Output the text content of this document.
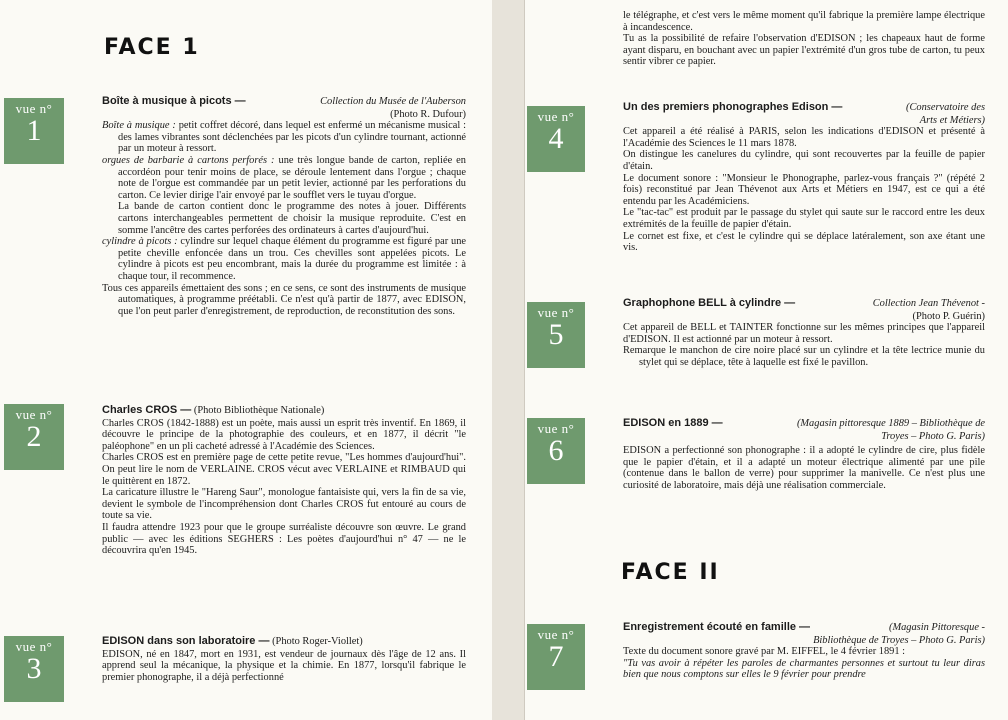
FACE 1
vue n°
1
vue n°
2
vue n°
3
Boîte à musique à picots —	Collection du Musée de l'Auberson
(Photo R. Dufour)

Boîte à musique : petit coffret décoré, dans lequel est enfermé un mécanisme musical : des lames vibrantes sont déclenchées par les picots d'un cylindre tournant, actionné par un moteur à ressort.

orgues de barbarie à cartons perforés : une très longue bande de carton, repliée en accordéon pour tenir moins de place, se déroule lentement dans l'orgue ; chaque note de l'orgue est commandée par un petit levier, actionné par les perforations du carton. Ce levier dirige l'air envoyé par le soufflet vers le tuyau d'orgue.

La bande de carton contient donc le programme des notes à jouer. Différents cartons interchangeables permettent de choisir la musique reproduite. C'est en somme l'ancêtre des cartes perforées des ordinateurs à cartes d'aujourd'hui.

cylindre à picots : cylindre sur lequel chaque élément du programme est figuré par une petite cheville enfoncée dans un trou. Ces chevilles sont appelées picots. Le cylindre à picots est peu encombrant, mais la durée du programme est limitée : à chaque tour, il recommence.

Tous ces appareils émettaient des sons ; en ce sens, ce sont des instruments de musique automatiques, à programme préétabli. Ce n'est qu'à partir de 1877, avec EDISON, que l'on peut parler d'enregistrement, de reproduction, de reconstitution des sons.

Charles CROS — (Photo Bibliothèque Nationale)

Charles CROS (1842-1888) est un poète, mais aussi un esprit très inventif. En 1869, il découvre le principe de la photographie des couleurs, et en 1877, il décrit "le paléophone" en un pli cacheté adressé à l'Académie des Sciences.

Charles CROS est en première page de cette petite revue, "Les hommes d'aujourd'hui". On peut lire le nom de VERLAINE. CROS vécut avec VERLAINE et RIMBAUD qui le quittèrent en 1872.

La caricature illustre le "Hareng Saur", monologue fantaisiste qui, vers la fin de sa vie, devient le symbole de l'incompréhension dont Charles CROS fut entouré au cours de toute sa vie.

Il faudra attendre 1923 pour que le groupe surréaliste découvre son œuvre. Le grand public — avec les éditions SEGHERS : Les poètes d'aujourd'hui n° 47 — ne le découvrira qu'en 1945.

EDISON dans son laboratoire — (Photo Roger-Viollet)

EDISON, né en 1847, mort en 1931, est vendeur de journaux dès l'âge de 12 ans. Il apprend seul la mécanique, la physique et la chimie. En 1877, lorsqu'il fabrique le premier phonographe, il a déjà perfectionné

le télégraphe, et c'est vers le même moment qu'il fabrique la première lampe électrique à incandescence.

Tu as la possibilité de refaire l'observation d'EDISON ; les chapeaux haut de forme ayant disparu, en bouchant avec un papier l'extrémité d'un gros tube de carton, tu peux sentir vibrer ce papier.

vue n°
4
vue n°
5
vue n°
6
vue n°
7
Un des premiers phonographes Edison —	(Conservatoire des
Arts et Métiers)

Cet appareil a été réalisé à PARIS, selon les indications d'EDISON et présenté à l'Académie des Sciences le 11 mars 1878.

On distingue les canelures du cylindre, qui sont recouvertes par la feuille de papier d'étain.

Le document sonore : "Monsieur le Phonographe, parlez-vous français ?" (répété 2 fois) reconstitué par Jean Thévenot aux Arts et Métiers en 1947, est ce qui a été entendu par les Académiciens.

Le "tac-tac" est produit par le passage du stylet qui saute sur le raccord entre les deux extrémités de la feuille de papier d'étain.

Le cornet est fixe, et c'est le cylindre qui se déplace latéralement, son axe étant une vis.

Graphophone BELL à cylindre —	Collection Jean Thévenot -
(Photo P. Guérin)

Cet appareil de BELL et TAINTER fonctionne sur les mêmes principes que l'appareil d'EDISON. Il est actionné par un moteur à ressort.

Remarque le manchon de cire noire placé sur un cylindre et la tête lectrice munie du stylet qui se déplace, tête à laquelle est fixé le pavillon.

EDISON en 1889 —	(Magasin pittoresque 1889 – Bibliothèque de
Troyes – Photo G. Paris)

EDISON a perfectionné son phonographe : il a adopté le cylindre de cire, plus fidèle que le papier d'étain, et il a adapté un moteur électrique alimenté par une pile (contenue dans le ballon de verre) pour supprimer la manivelle. Ce n'est plus une curiosité de laboratoire, mais déjà une réalisation commerciale.

FACE II
Enregistrement écouté en famille —	(Magasin Pittoresque -
Bibliothèque de Troyes – Photo G. Paris)

Texte du document sonore gravé par M. EIFFEL, le 4 février 1891 :

"Tu vas avoir à répéter les paroles de charmantes personnes et surtout tu leur diras bien que nous comptons sur elles le 9 février pour prendre
